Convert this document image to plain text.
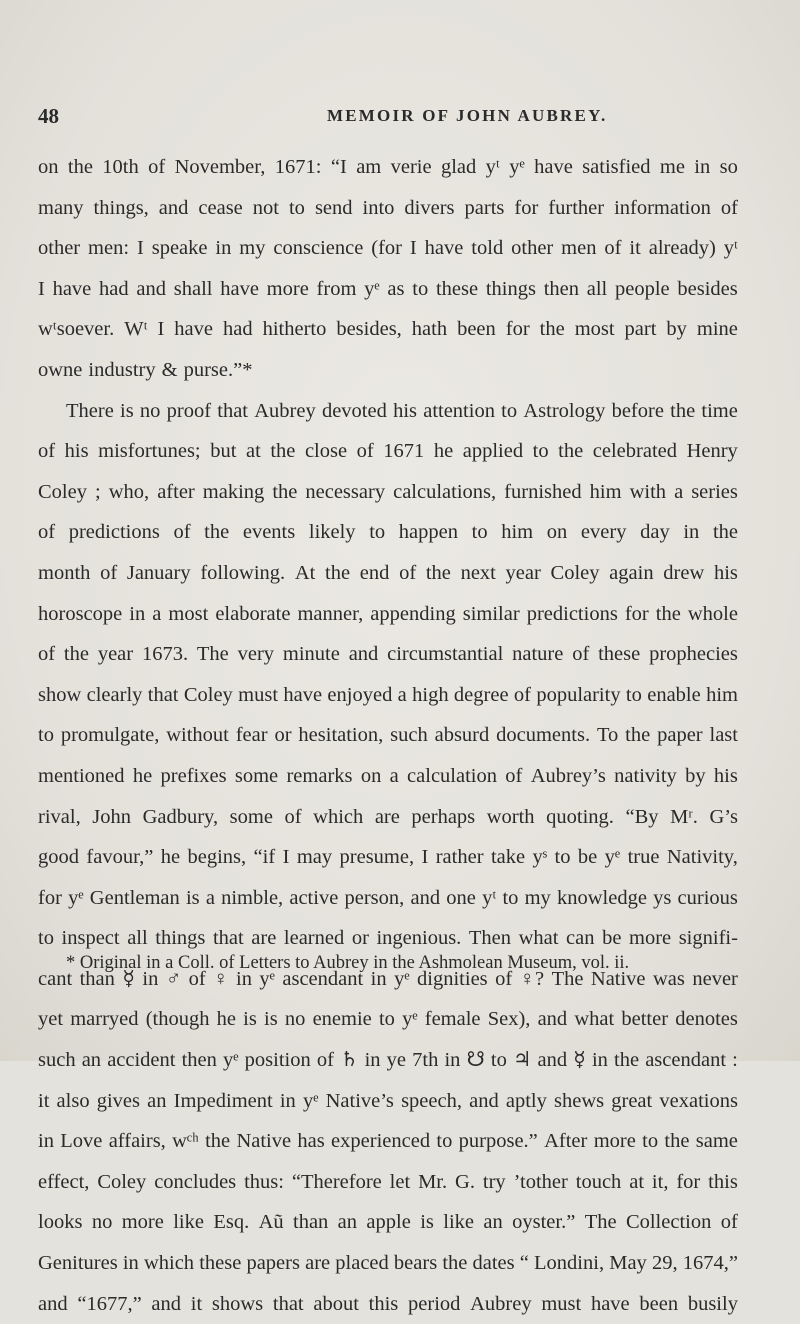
48	MEMOIR OF JOHN AUBREY.
on the 10th of November, 1671: “I am verie glad yᵗ yᵉ have satisfied me in so
many things, and cease not to send into divers parts for further information of
other men: I speake in my conscience (for I have told other men of it already) yᵗ
I have had and shall have more from yᵉ as to these things then all people besides
wᵗsoever. Wᵗ I have had hitherto besides, hath been for the most part by mine
owne industry & purse.”*
There is no proof that Aubrey devoted his attention to Astrology before the time
of his misfortunes; but at the close of 1671 he applied to the celebrated Henry
Coley ; who, after making the necessary calculations, furnished him with a series
of predictions of the events likely to happen to him on every day in the
month of January following. At the end of the next year Coley again drew his
horoscope in a most elaborate manner, appending similar predictions for the whole
of the year 1673. The very minute and circumstantial nature of these prophecies
show clearly that Coley must have enjoyed a high degree of popularity to enable him
to promulgate, without fear or hesitation, such absurd documents. To the paper last
mentioned he prefixes some remarks on a calculation of Aubrey’s nativity by his
rival, John Gadbury, some of which are perhaps worth quoting. “By Mʳ. G’s
good favour,” he begins, “if I may presume, I rather take yˢ to be yᵉ true Nativity,
for yᵉ Gentleman is a nimble, active person, and one yᵗ to my knowledge ys curious
to inspect all things that are learned or ingenious. Then what can be more signifi-
cant than ☿ in ♂ of ♀ in yᵉ ascendant in yᵉ dignities of ♀? The Native was never
yet marryed (though he is is no enemie to yᵉ female Sex), and what better denotes
such an accident then yᵉ position of ♄ in ye 7th in ☋ to ♃ and ☿ in the ascendant :
it also gives an Impediment in yᵉ Native’s speech, and aptly shews great vexations
in Love affairs, wᶜʰ the Native has experienced to purpose.” After more to the same
effect, Coley concludes thus: “Therefore let Mr. G. try ’tother touch at it, for this
looks no more like Esq. Aũ than an apple is like an oyster.” The Collection of
Genitures in which these papers are placed bears the dates “ Londini, May 29, 1674,”
and “1677,” and it shows that about this period Aubrey must have been busily
* Original in a Coll. of Letters to Aubrey in the Ashmolean Museum, vol. ii.
